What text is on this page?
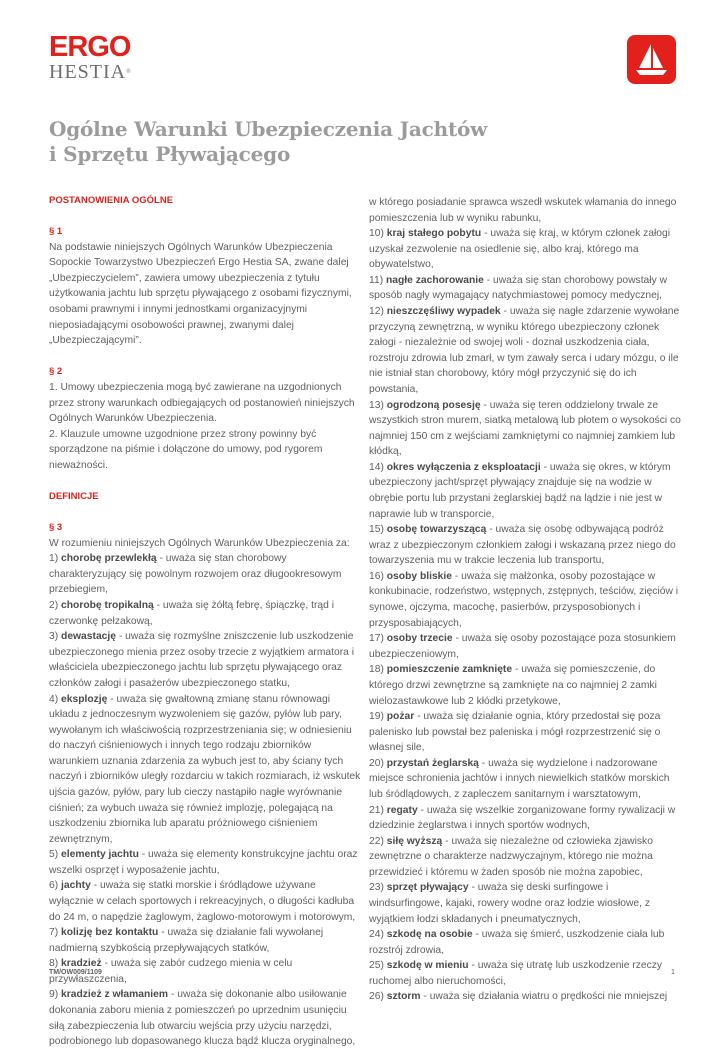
ERGO
HESTIA®
Ogólne Warunki Ubezpieczenia Jachtów
i Sprzętu Pływającego

POSTANOWIENIA OGÓLNE

§ 1

Na podstawie niniejszych Ogólnych Warunków Ubezpieczenia Sopockie Towarzystwo Ubezpieczeń Ergo Hestia SA, zwane dalej „Ubezpieczycielem”, zawiera umowy ubezpieczenia z tytułu użytkowania jachtu lub sprzętu pływającego z osobami fizycznymi, osobami prawnymi i innymi jednostkami organizacyjnymi nieposiadającymi osobowości prawnej, zwanymi dalej „Ubezpieczającymi”.

§ 2

1. Umowy ubezpieczenia mogą być zawierane na uzgodnionych przez strony warunkach odbiegających od postanowień niniejszych Ogólnych Warunków Ubezpieczenia.

2. Klauzule umowne uzgodnione przez strony powinny być sporządzone na piśmie i dołączone do umowy, pod rygorem nieważności.

DEFINICJE

§ 3

W rozumieniu niniejszych Ogólnych Warunków Ubezpieczenia za:

1) chorobę przewlekłą - uważa się stan chorobowy charakteryzujący się powolnym rozwojem oraz długookresowym przebiegiem,

2) chorobę tropikalną - uważa się żółtą febrę, śpiączkę, trąd i czerwonkę pełzakową,

3) dewastację - uważa się rozmyślne zniszczenie lub uszkodzenie ubezpieczonego mienia przez osoby trzecie z wyjątkiem armatora i właściciela ubezpieczonego jachtu lub sprzętu pływającego oraz członków załogi i pasażerów ubezpieczonego statku,

4) eksplozję - uważa się gwałtowną zmianę stanu równowagi układu z jednoczesnym wyzwoleniem się gazów, pyłów lub pary, wywołanym ich właściwością rozprzestrzeniania się; w odniesieniu do naczyń ciśnieniowych i innych tego rodzaju zbiorników warunkiem uznania zdarzenia za wybuch jest to, aby ściany tych naczyń i zbiorników uległy rozdarciu w takich rozmiarach, iż wskutek ujścia gazów, pyłów, pary lub cieczy nastąpiło nagłe wyrównanie ciśnień; za wybuch uważa się również implozję, polegającą na uszkodzeniu zbiornika lub aparatu próżniowego ciśnieniem zewnętrznym,

5) elementy jachtu - uważa się elementy konstrukcyjne jachtu oraz wszelki osprzęt i wyposażenie jachtu,

6) jachty - uważa się statki morskie i śródlądowe używane wyłącznie w celach sportowych i rekreacyjnych, o długości kadłuba do 24 m, o napędzie żaglowym, żaglowo-motorowym i motorowym,

7) kolizję bez kontaktu - uważa się działanie fali wywołanej nadmierną szybkością przepływających statków,

8) kradzież - uważa się zabór cudzego mienia w celu przywłaszczenia,

9) kradzież z włamaniem - uważa się dokonanie albo usiłowanie dokonania zaboru mienia z pomieszczeń po uprzednim usunięciu siłą zabezpieczenia lub otwarciu wejścia przy użyciu narzędzi, podrobionego lub dopasowanego klucza bądź klucza oryginalnego,

w którego posiadanie sprawca wszedł wskutek włamania do innego pomieszczenia lub w wyniku rabunku,

10) kraj stałego pobytu - uważa się kraj, w którym członek załogi uzyskał zezwolenie na osiedlenie się, albo kraj, którego ma obywatelstwo,

11) nagłe zachorowanie - uważa się stan chorobowy powstały w sposób nagły wymagający natychmiastowej pomocy medycznej,

12) nieszczęśliwy wypadek - uważa się nagłe zdarzenie wywołane przyczyną zewnętrzną, w wyniku którego ubezpieczony członek załogi - niezależnie od swojej woli - doznał uszkodzenia ciała, rozstroju zdrowia lub zmarł, w tym zawały serca i udary mózgu, o ile nie istniał stan chorobowy, który mógł przyczynić się do ich powstania,

13) ogrodzoną posesję - uważa się teren oddzielony trwale ze wszystkich stron murem, siatką metalową lub płotem o wysokości co najmniej 150 cm z wejściami zamkniętymi co najmniej zamkiem lub kłódką,

14) okres wyłączenia z eksploatacji - uważa się okres, w którym ubezpieczony jacht/sprzęt pływający znajduje się na wodzie w obrębie portu lub przystani żeglarskiej bądź na lądzie i nie jest w naprawie lub w transporcie,

15) osobę towarzyszącą - uważa się osobę odbywającą podróż wraz z ubezpieczonym członkiem załogi i wskazaną przez niego do towarzyszenia mu w trakcie leczenia lub transportu,

16) osoby bliskie - uważa się małżonka, osoby pozostające w konkubinacie, rodzeństwo, wstępnych, zstępnych, teściów, zięciów i synowe, ojczyma, macochę, pasierbów, przysposobionych i przysposabiających,

17) osoby trzecie - uważa się osoby pozostające poza stosunkiem ubezpieczeniowym,

18) pomieszczenie zamknięte - uważa się pomieszczenie, do którego drzwi zewnętrzne są zamknięte na co najmniej 2 zamki wielozastawkowe lub 2 kłódki przetykowe,

19) pożar - uważa się działanie ognia, który przedostał się poza palenisko lub powstał bez paleniska i mógł rozprzestrzenić się o własnej sile,

20) przystań żeglarską - uważa się wydzielone i nadzorowane miejsce schronienia jachtów i innych niewielkich statków morskich lub śródlądowych, z zapleczem sanitarnym i warsztatowym,

21) regaty - uważa się wszelkie zorganizowane formy rywalizacji w dziedzinie żeglarstwa i innych sportów wodnych,

22) siłę wyższą - uważa się niezależne od człowieka zjawisko zewnętrzne o charakterze nadzwyczajnym, którego nie można przewidzieć i któremu w żaden sposób nie można zapobiec,

23) sprzęt pływający - uważa się deski surfingowe i windsurfingowe, kajaki, rowery wodne oraz łodzie wiosłowe, z wyjątkiem łodzi składanych i pneumatycznych,

24) szkodę na osobie - uważa się śmierć, uszkodzenie ciała lub rozstrój zdrowia,

25) szkodę w mieniu - uważa się utratę lub uszkodzenie rzeczy ruchomej albo nieruchomości,

26) sztorm - uważa się działania wiatru o prędkości nie mniejszej

TM/OW009/1109	1
